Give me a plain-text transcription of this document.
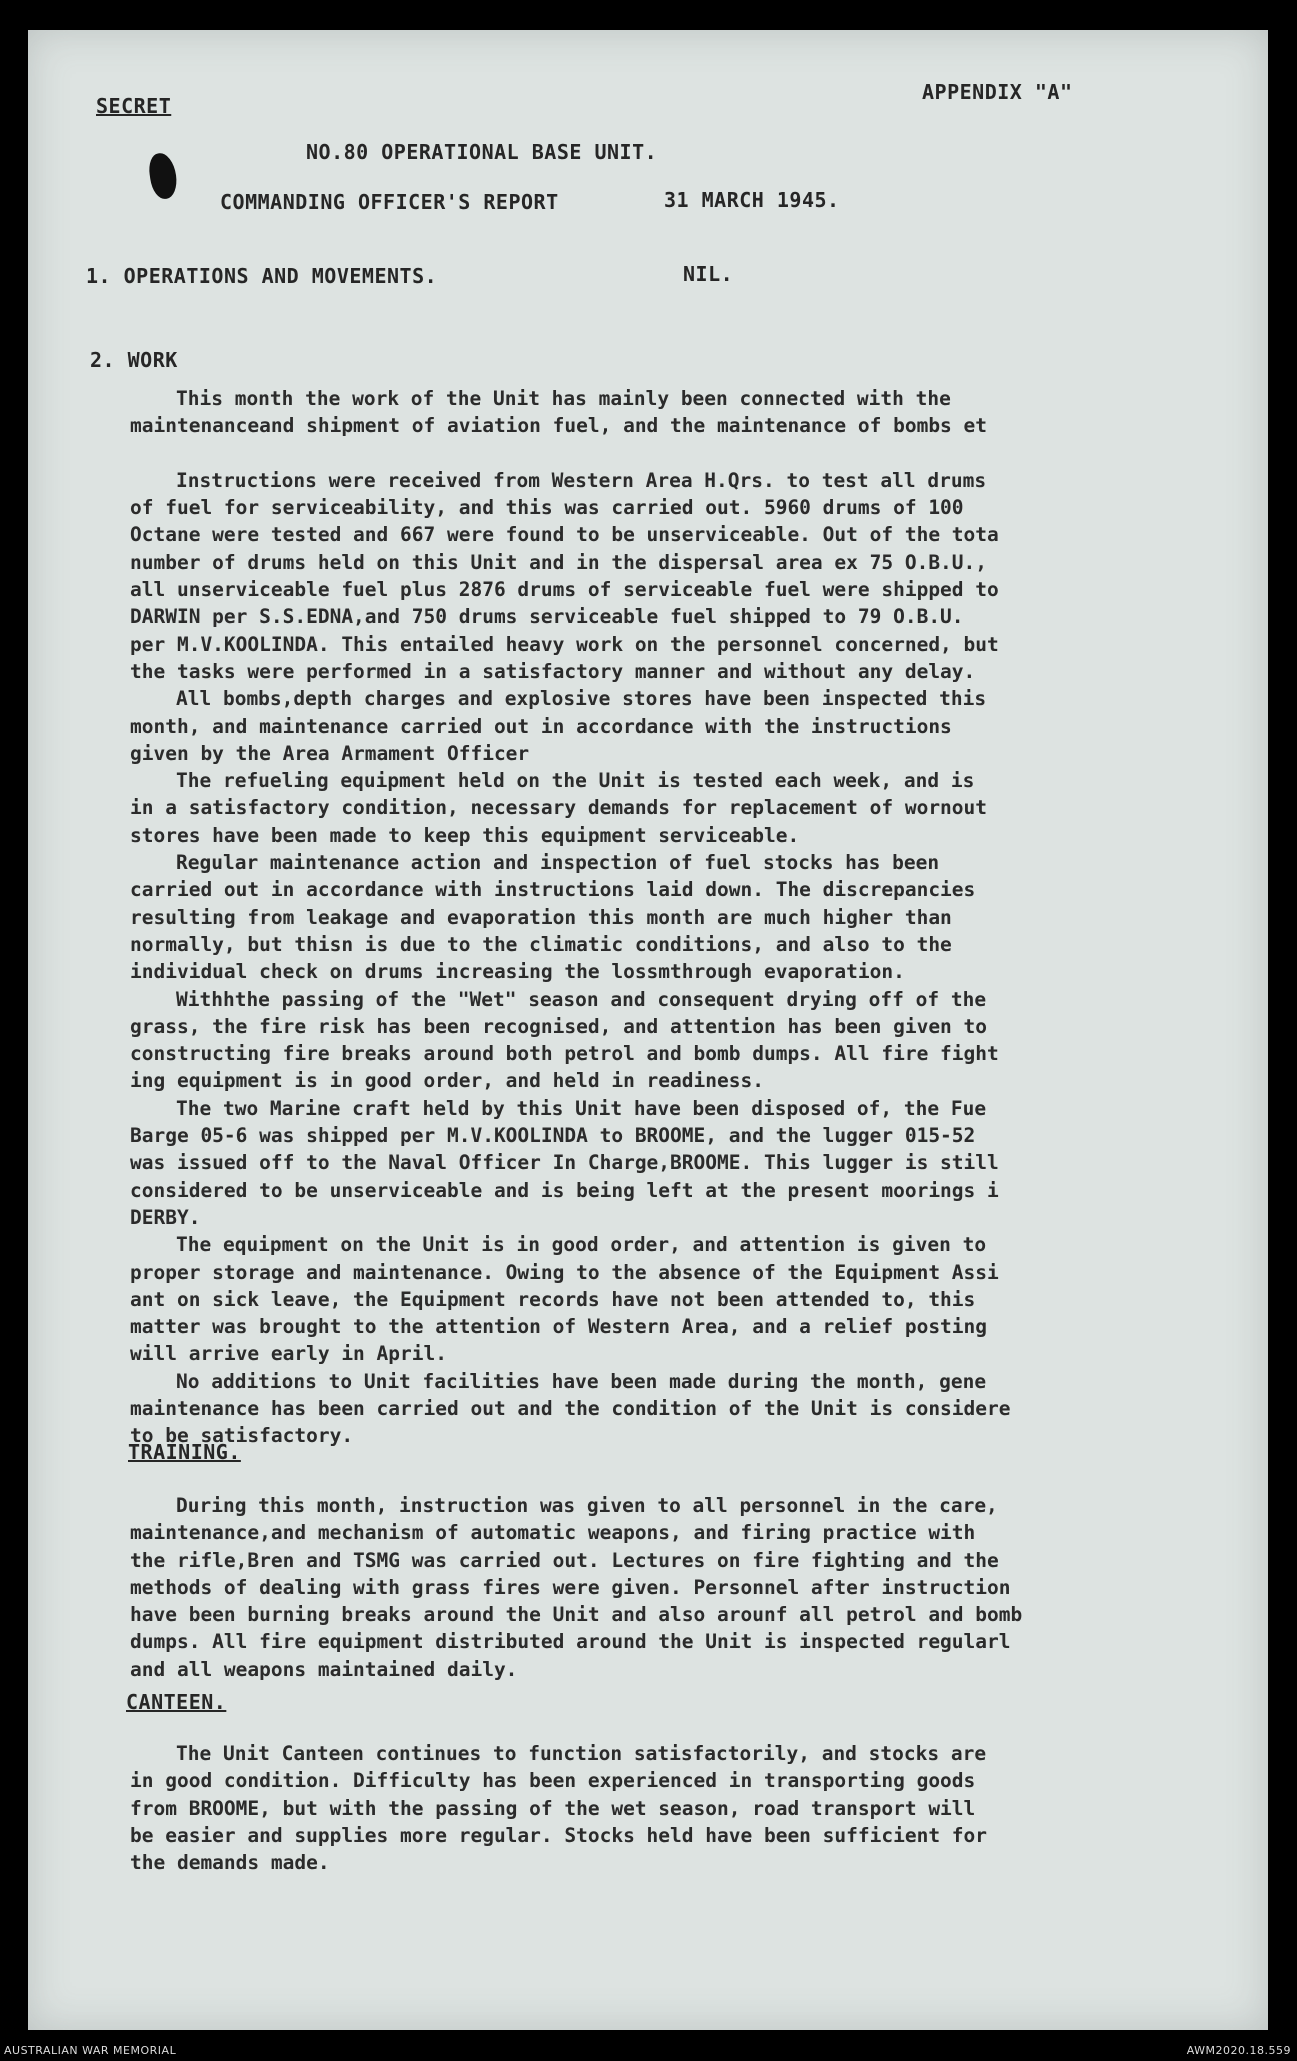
SECRET
APPENDIX "A"
NO.80 OPERATIONAL BASE UNIT.
COMMANDING OFFICER'S REPORT	31 MARCH 1945.
1. OPERATIONS AND MOVEMENTS.	NIL.
2. WORK
This month the work of the Unit has mainly been connected with the
maintenanceand shipment of aviation fuel, and the maintenance of bombs et

Instructions were received from Western Area H.Qrs. to test all drums
of fuel for serviceability, and this was carried out. 5960 drums of 100
Octane were tested and 667 were found to be unserviceable. Out of the tota
number of drums held on this Unit and in the dispersal area ex 75 O.B.U.,
all unserviceable fuel plus 2876 drums of serviceable fuel were shipped to
DARWIN per S.S.EDNA,and 750 drums serviceable fuel shipped to 79 O.B.U.
per M.V.KOOLINDA. This entailed heavy work on the personnel concerned, but
the tasks were performed in a satisfactory manner and without any delay.
All bombs,depth charges and explosive stores have been inspected this
month, and maintenance carried out in accordance with the instructions
given by the Area Armament Officer
The refueling equipment held on the Unit is tested each week, and is
in a satisfactory condition, necessary demands for replacement of wornout
stores have been made to keep this equipment serviceable.
Regular maintenance action and inspection of fuel stocks has been
carried out in accordance with instructions laid down. The discrepancies
resulting from leakage and evaporation this month are much higher than
normally, but thisn is due to the climatic conditions, and also to the
individual check on drums increasing the lossmthrough evaporation.
Withhthe passing of the "Wet" season and consequent drying off of the
grass, the fire risk has been recognised, and attention has been given to
constructing fire breaks around both petrol and bomb dumps. All fire fight
ing equipment is in good order, and held in readiness.
The two Marine craft held by this Unit have been disposed of, the Fue
Barge 05-6 was shipped per M.V.KOOLINDA to BROOME, and the lugger 015-52
was issued off to the Naval Officer In Charge,BROOME. This lugger is still
considered to be unserviceable and is being left at the present moorings i
DERBY.
The equipment on the Unit is in good order, and attention is given to
proper storage and maintenance. Owing to the absence of the Equipment Assi
ant on sick leave, the Equipment records have not been attended to, this
matter was brought to the attention of Western Area, and a relief posting
will arrive early in April.
No additions to Unit facilities have been made during the month, gene
maintenance has been carried out and the condition of the Unit is considere
to be satisfactory.
TRAINING.
During this month, instruction was given to all personnel in the care,
maintenance,and mechanism of automatic weapons, and firing practice with
the rifle,Bren and TSMG was carried out. Lectures on fire fighting and the
methods of dealing with grass fires were given. Personnel after instruction
have been burning breaks around the Unit and also arounf all petrol and bomb
dumps. All fire equipment distributed around the Unit is inspected regularl
and all weapons maintained daily.
CANTEEN.
The Unit Canteen continues to function satisfactorily, and stocks are
in good condition. Difficulty has been experienced in transporting goods
from BROOME, but with the passing of the wet season, road transport will
be easier and supplies more regular. Stocks held have been sufficient for
the demands made.
AUSTRALIAN WAR MEMORIAL	AWM2020.18.559
